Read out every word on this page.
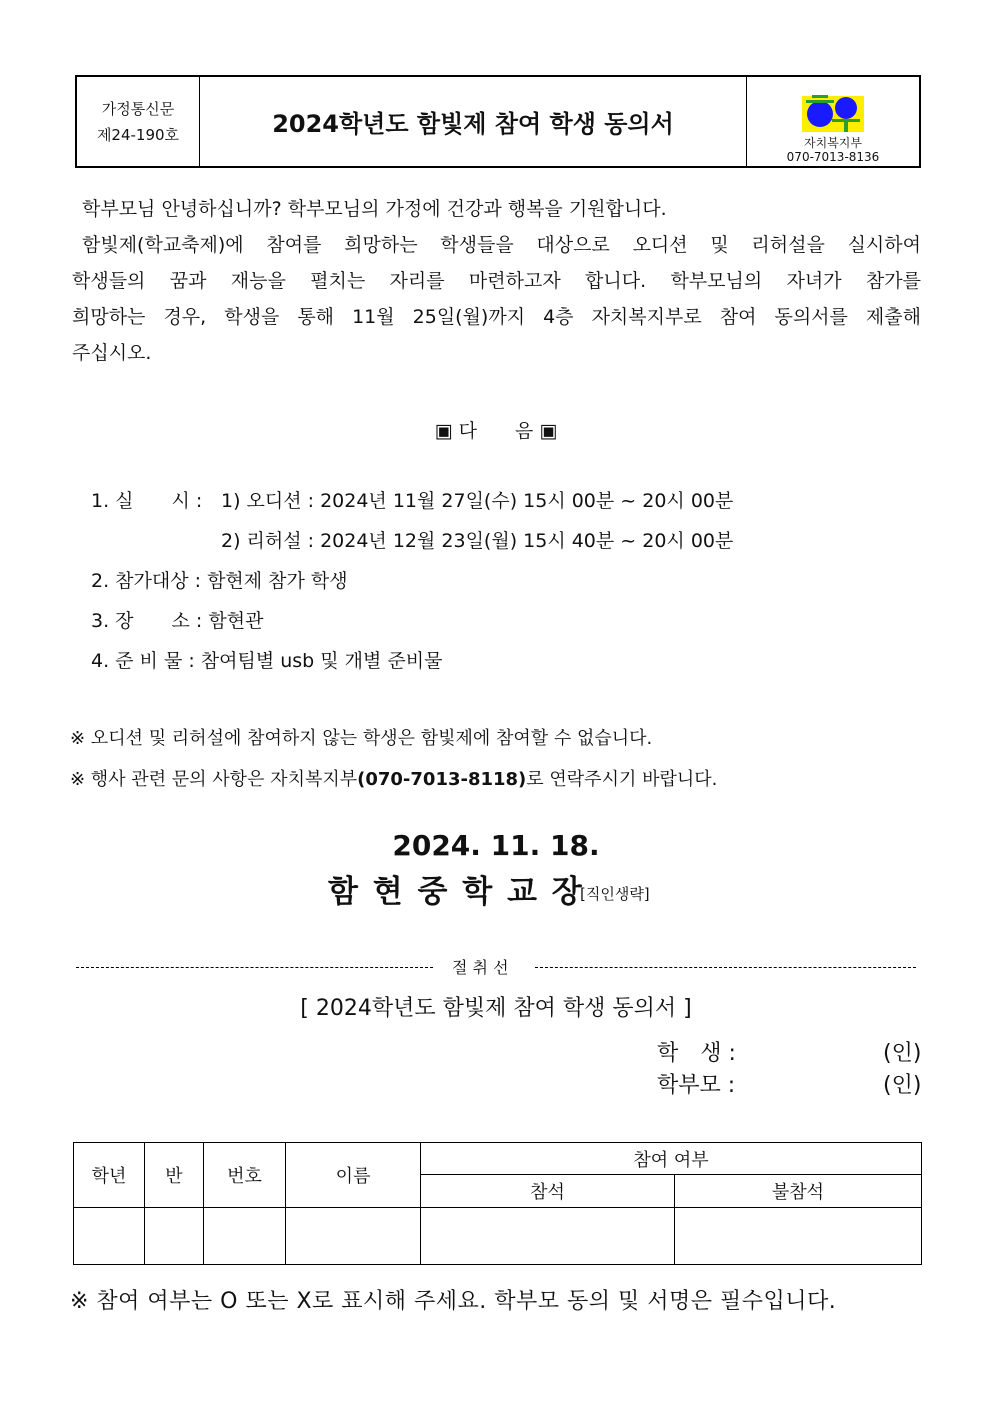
가정통신문
제24-190호	2024학년도 함빛제 참여 학생 동의서
자치복지부
070-7013-8136
학부모님 안녕하십니까? 학부모님의 가정에 건강과 행복을 기원합니다.
함빛제(학교축제)에 참여를 희망하는 학생들을 대상으로 오디션 및 리허설을 실시하여
학생들의 꿈과 재능을 펼치는 자리를 마련하고자 합니다. 학부모님의 자녀가 참가를
희망하는 경우, 학생을 통해 11월 25일(월)까지 4층 자치복지부로 참여 동의서를 제출해
주십시오.
▣ 다　　음 ▣
1. 실　　시 : 1) 오디션 : 2024년 11월 27일(수) 15시 00분 ~ 20시 00분
2) 리허설 : 2024년 12월 23일(월) 15시 40분 ~ 20시 00분
2. 참가대상 : 함현제 참가 학생
3. 장　　소 : 함현관
4. 준 비 물 : 참여팀별 usb 및 개별 준비물
※ 오디션 및 리허설에 참여하지 않는 학생은 함빛제에 참여할 수 없습니다.
※ 행사 관련 문의 사항은 자치복지부(070-7013-8118)로 연락주시기 바랍니다.
2024. 11. 18.
함 현 중 학 교 장
[직인생략]
절 취 선
[ 2024학년도 함빛제 참여 학생 동의서 ]
학　생 :	(인)
학부모 :	(인)
학년	반	번호	이름	참여 여부	
				참석	불참석

※ 참여 여부는 O 또는 X로 표시해 주세요. 학부모 동의 및 서명은 필수입니다.
